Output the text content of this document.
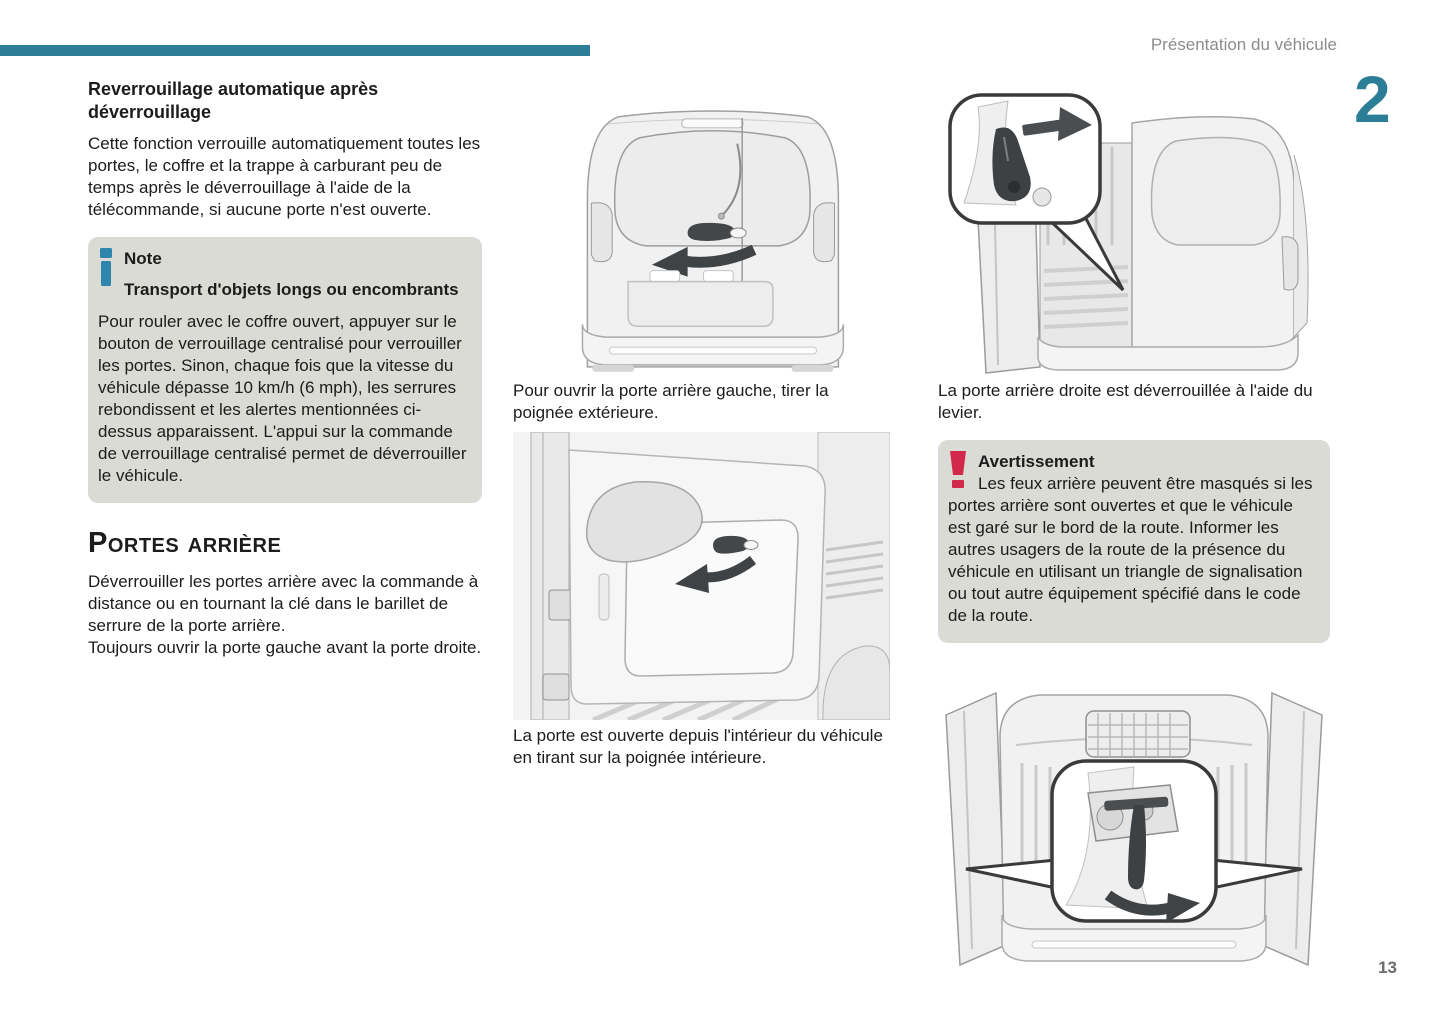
Présentation du véhicule
2
Reverrouillage automatique après déverrouillage

Cette fonction verrouille automatiquement toutes les portes, le coffre et la trappe à carburant peu de temps après le déverrouillage à l'aide de la télécommande, si aucune porte n'est ouverte.

Note
Transport d'objets longs ou encombrants

Pour rouler avec le coffre ouvert, appuyer sur le bouton de verrouillage centralisé pour verrouiller les portes. Sinon, chaque fois que la vitesse du véhicule dépasse 10 km/h (6 mph), les serrures rebondissent et les alertes mentionnées ci-dessus apparaissent. L'appui sur la commande de verrouillage centralisé permet de déverrouiller le véhicule.

Portes arrière

Déverrouiller les portes arrière avec la commande à distance ou en tournant la clé dans le barillet de serrure de la porte arrière.

Toujours ouvrir la porte gauche avant la porte droite.

Pour ouvrir la porte arrière gauche, tirer la poignée extérieure.

La porte est ouverte depuis l'intérieur du véhicule en tirant sur la poignée intérieure.

La porte arrière droite est déverrouillée à l'aide du levier.

Avertissement

Les feux arrière peuvent être masqués si les portes arrière sont ouvertes et que le véhicule est garé sur le bord de la route. Informer les autres usagers de la route de la présence du véhicule en utilisant un triangle de signalisation ou tout autre équipement spécifié dans le code de la route.

13
